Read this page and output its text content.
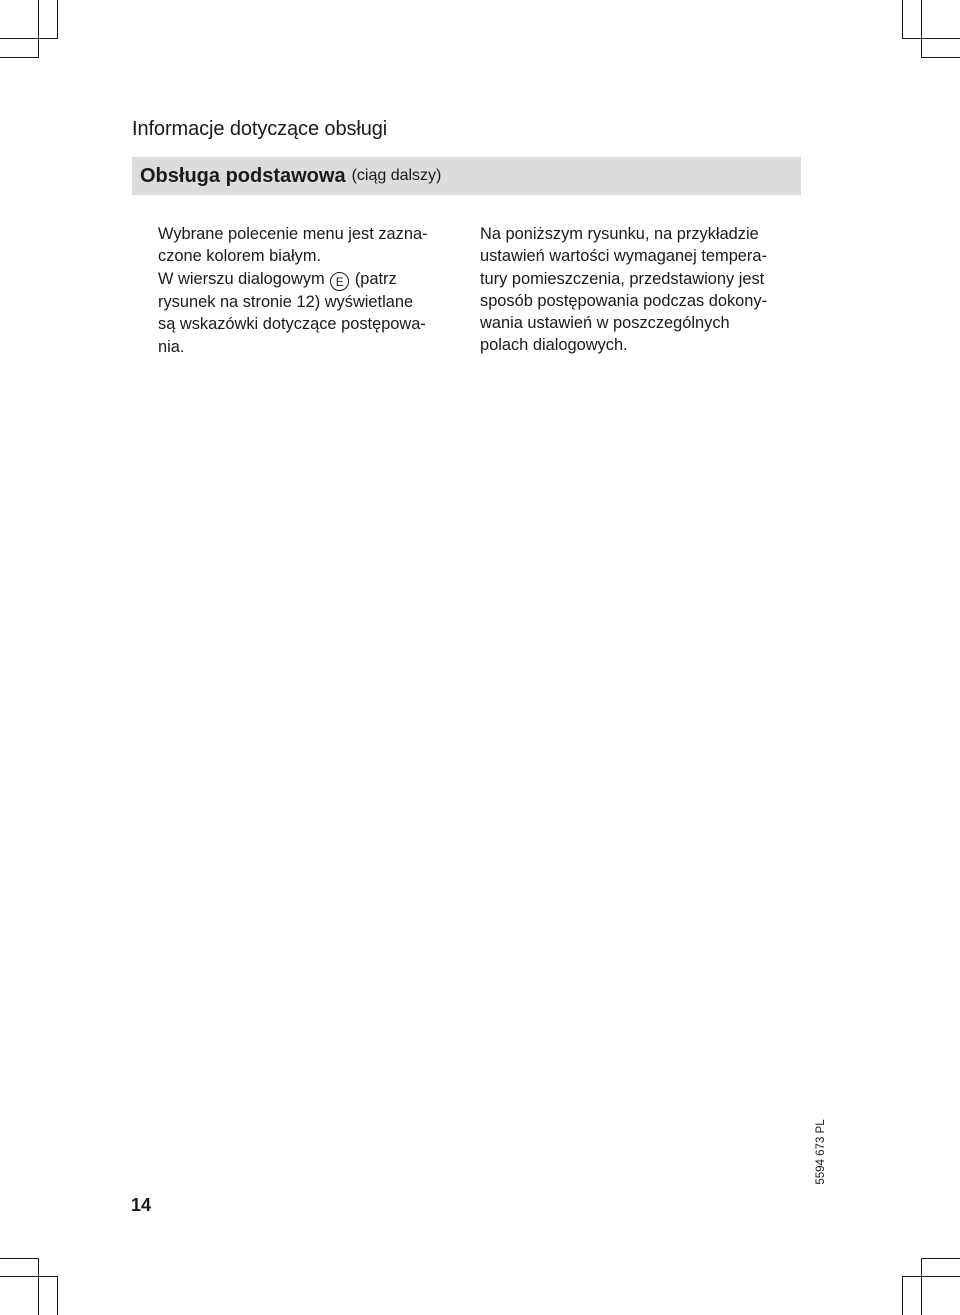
Informacje dotyczące obsługi
Obsługa podstawowa (ciąg dalszy)
Wybrane polecenie menu jest zazna-
czone kolorem białym.
W wierszu dialogowym E (patrz
rysunek na stronie 12) wyświetlane
są wskazówki dotyczące postępowa-
nia.
Na poniższym rysunku, na przykładzie
ustawień wartości wymaganej tempera-
tury pomieszczenia, przedstawiony jest
sposób postępowania podczas dokony-
wania ustawień w poszczególnych
polach dialogowych.
5594 673 PL
14
